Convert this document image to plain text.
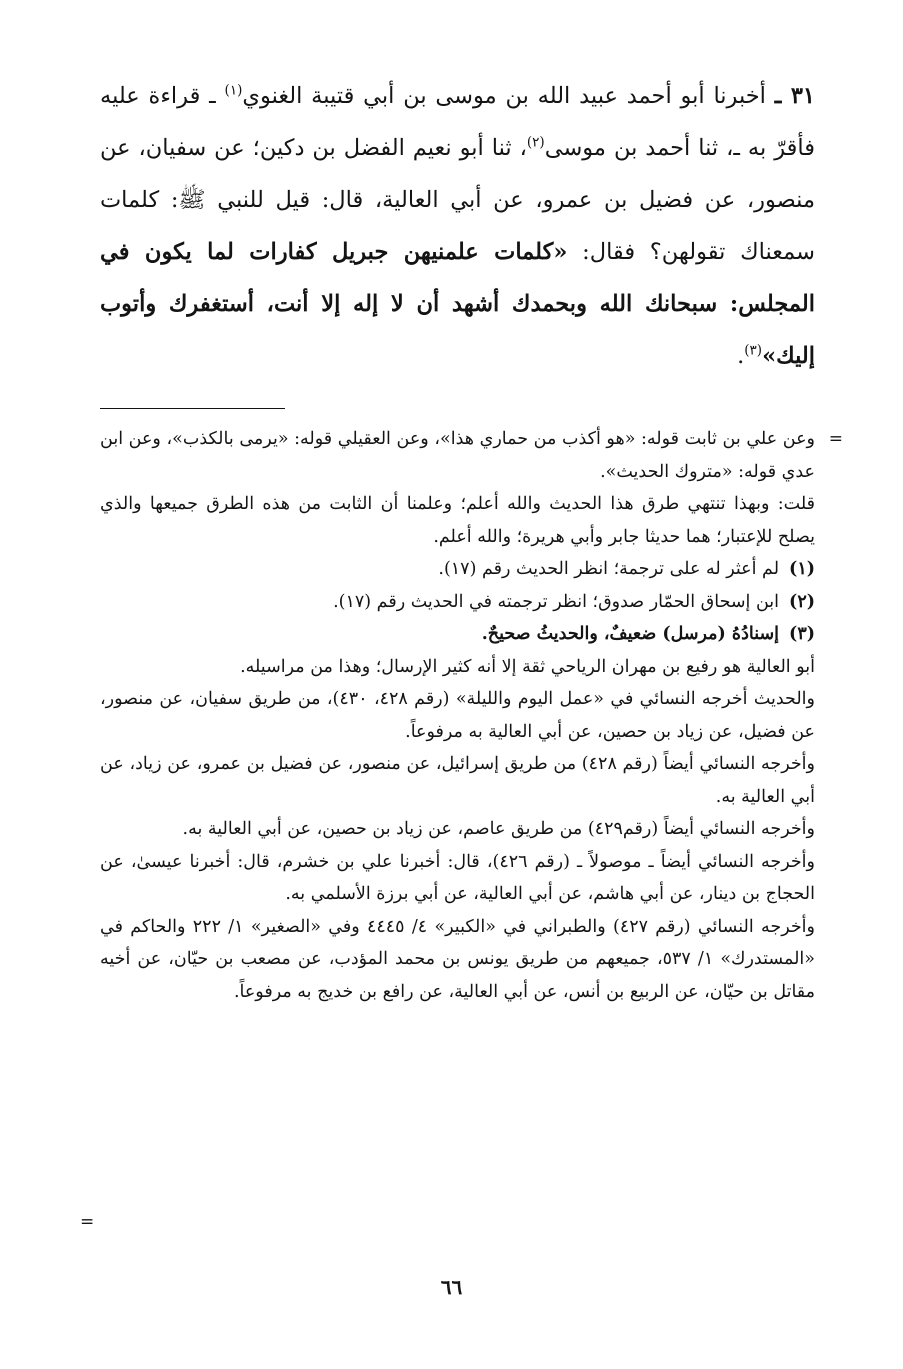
٣١ ـ أخبرنا أبو أحمد عبيد الله بن موسى بن أبي قتيبة الغنوي$^{(١)}$ ـ قراءة عليه فأقرّ به ـ، ثنا أحمد بن موسى$^{(٢)}$، ثنا أبو نعيم الفضل بن دكين؛ عن سفيان، عن منصور، عن فضيل بن عمرو، عن أبي العالية، قال: قيل للنبي ﷺ: كلمات سمعناك تقولهن؟ فقال: «كلمات علمنيهن جبريل كفارات لما يكون في المجلس: سبحانك الله وبحمدك أشهد أن لا إله إلا أنت، أستغفرك وأتوب إليك»$^{(٣)}$.

=

وعن علي بن ثابت قوله: «هو أكذب من حماري هذا»، وعن العقيلي قوله: «يرمى بالكذب»، وعن ابن عدي قوله: «متروك الحديث».

قلت: وبهذا تنتهي طرق هذا الحديث والله أعلم؛ وعلمنا أن الثابت من هذه الطرق جميعها والذي يصلح للإعتبار؛ هما حديثا جابر وأبي هريرة؛ والله أعلم.

(١)
لم أعثر له على ترجمة؛ انظر الحديث رقم (١٧).
(٢)
ابن إسحاق الحمّار صدوق؛ انظر ترجمته في الحديث رقم (١٧).
(٣)
إسنادُهُ (مرسل) ضعيفٌ، والحديثُ صحيحٌ.

أبو العالية هو رفيع بن مهران الرياحي ثقة إلا أنه كثير الإرسال؛ وهذا من مراسيله.

والحديث أخرجه النسائي في «عمل اليوم والليلة» (رقم ٤٢٨، ٤٣٠)، من طريق سفيان، عن منصور، عن فضيل، عن زياد بن حصين، عن أبي العالية به مرفوعاً.

وأخرجه النسائي أيضاً (رقم ٤٢٨) من طريق إسرائيل، عن منصور، عن فضيل بن عمرو، عن زياد، عن أبي العالية به.

وأخرجه النسائي أيضاً (رقم٤٢٩) من طريق عاصم، عن زياد بن حصين، عن أبي العالية به.

وأخرجه النسائي أيضاً ـ موصولاً ـ (رقم ٤٢٦)، قال: أخبرنا علي بن خشرم، قال: أخبرنا عيسىٰ، عن الحجاج بن دينار، عن أبي هاشم، عن أبي العالية، عن أبي برزة الأسلمي به.

وأخرجه النسائي (رقم ٤٢٧) والطبراني في «الكبير» ٤/ ٤٤٤٥ وفي «الصغير» ١/ ٢٢٢ والحاكم في «المستدرك» ١/ ٥٣٧، جميعهم من طريق يونس بن محمد المؤدب، عن مصعب بن حيّان، عن أخيه مقاتل بن حيّان، عن الربيع بن أنس، عن أبي العالية، عن رافع بن خديج به مرفوعاً.

=
٦٦
